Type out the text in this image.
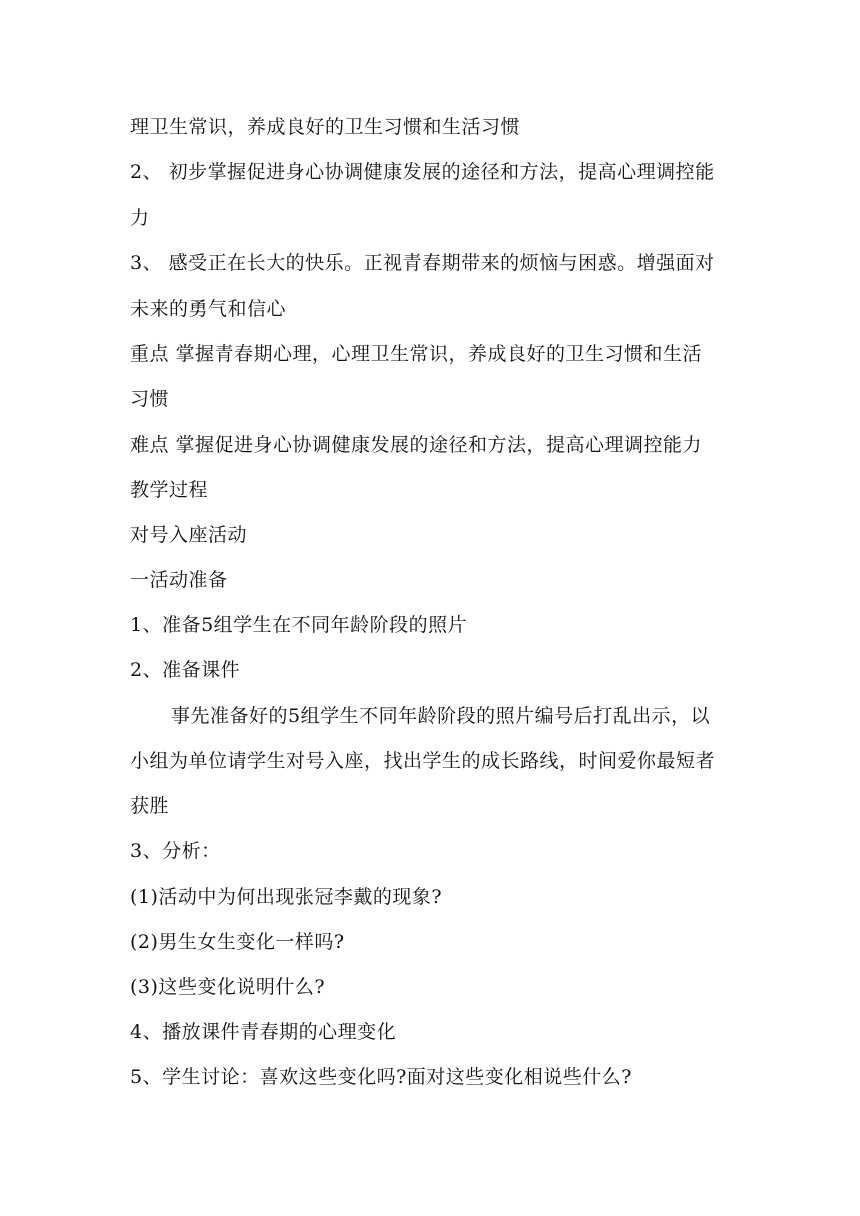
理卫生常识，养成良好的卫生习惯和生活习惯
2、 初步掌握促进身心协调健康发展的途径和方法，提高心理调控能
力
3、 感受正在长大的快乐。正视青春期带来的烦恼与困惑。增强面对
未来的勇气和信心
重点 掌握青春期心理，心理卫生常识，养成良好的卫生习惯和生活
习惯
难点 掌握促进身心协调健康发展的途径和方法，提高心理调控能力
教学过程
对号入座活动
一活动准备
1、准备5组学生在不同年龄阶段的照片
2、准备课件
事先准备好的5组学生不同年龄阶段的照片编号后打乱出示，以
小组为单位请学生对号入座，找出学生的成长路线，时间爱你最短者
获胜
3、分析：
(1)活动中为何出现张冠李戴的现象?
(2)男生女生变化一样吗?
(3)这些变化说明什么?
4、播放课件青春期的心理变化
5、学生讨论：喜欢这些变化吗?面对这些变化相说些什么?
